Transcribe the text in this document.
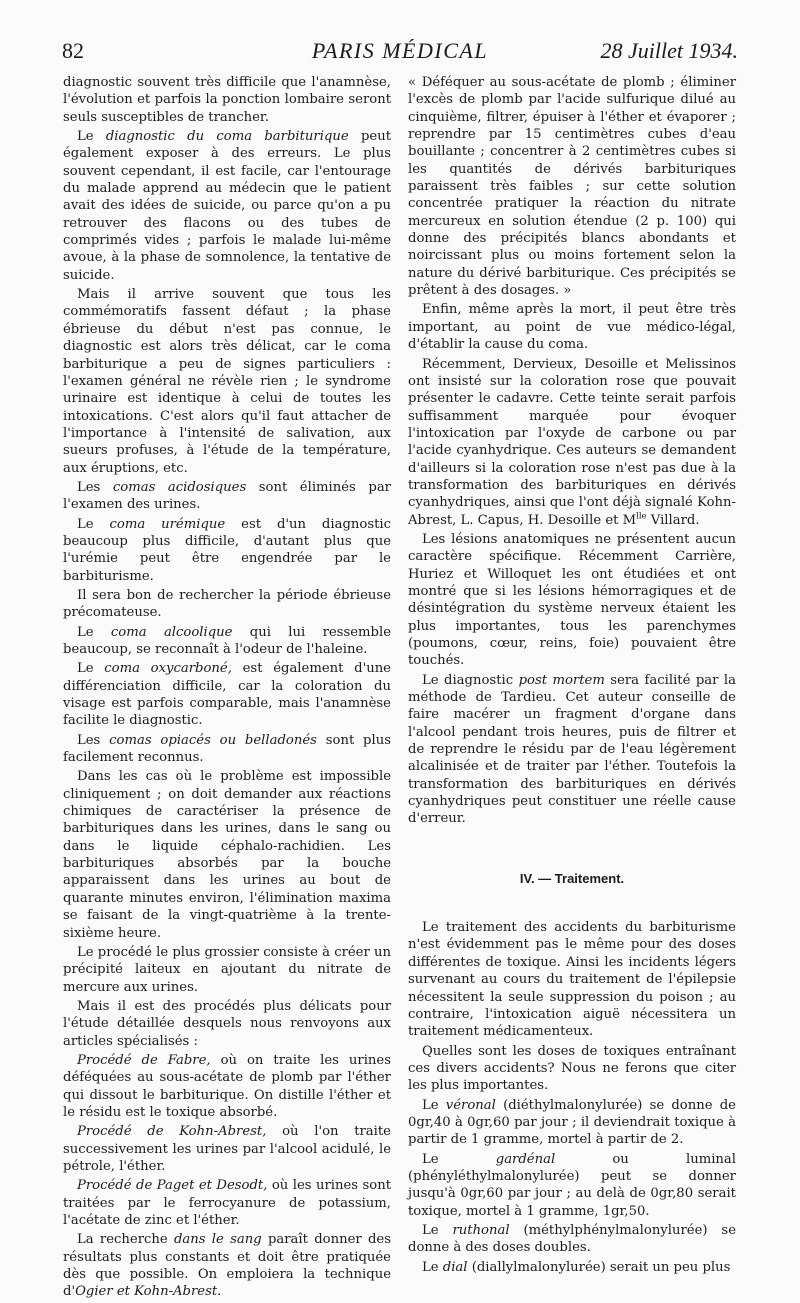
82	PARIS MÉDICAL	28 Juillet 1934.

diagnostic souvent très difficile que l'anamnèse, l'évolution et parfois la ponction lombaire seront seuls susceptibles de trancher.

Le diagnostic du coma barbiturique peut également exposer à des erreurs. Le plus souvent cependant, il est facile, car l'entourage du malade apprend au médecin que le patient avait des idées de suicide, ou parce qu'on a pu retrouver des flacons ou des tubes de comprimés vides ; parfois le malade lui-même avoue, à la phase de somnolence, la tentative de suicide.

Mais il arrive souvent que tous les commémoratifs fassent défaut ; la phase ébrieuse du début n'est pas connue, le diagnostic est alors très délicat, car le coma barbiturique a peu de signes particuliers : l'examen général ne révèle rien ; le syndrome urinaire est identique à celui de toutes les intoxications. C'est alors qu'il faut attacher de l'importance à l'intensité de salivation, aux sueurs profuses, à l'étude de la température, aux éruptions, etc.

Les comas acidosiques sont éliminés par l'examen des urines.

Le coma urémique est d'un diagnostic beaucoup plus difficile, d'autant plus que l'urémie peut être engendrée par le barbiturisme.

Il sera bon de rechercher la période ébrieuse précomateuse.

Le coma alcoolique qui lui ressemble beaucoup, se reconnaît à l'odeur de l'haleine.

Le coma oxycarboné, est également d'une différenciation difficile, car la coloration du visage est parfois comparable, mais l'anamnèse facilite le diagnostic.

Les comas opiacés ou belladonés sont plus facilement reconnus.

Dans les cas où le problème est impossible cliniquement ; on doit demander aux réactions chimiques de caractériser la présence de barbituriques dans les urines, dans le sang ou dans le liquide céphalo-rachidien. Les barbituriques absorbés par la bouche apparaissent dans les urines au bout de quarante minutes environ, l'élimination maxima se faisant de la vingt-quatrième à la trente-sixième heure.

Le procédé le plus grossier consiste à créer un précipité laiteux en ajoutant du nitrate de mercure aux urines.

Mais il est des procédés plus délicats pour l'étude détaillée desquels nous renvoyons aux articles spécialisés :

Procédé de Fabre, où on traite les urines déféquées au sous-acétate de plomb par l'éther qui dissout le barbiturique. On distille l'éther et le résidu est le toxique absorbé.

Procédé de Kohn-Abrest, où l'on traite successivement les urines par l'alcool acidulé, le pétrole, l'éther.

Procédé de Paget et Desodt, où les urines sont traitées par le ferrocyanure de potassium, l'acétate de zinc et l'éther.

La recherche dans le sang paraît donner des résultats plus constants et doit être pratiquée dès que possible. On emploiera la technique d'Ogier et Kohn-Abrest.

« Déféquer au sous-acétate de plomb ; éliminer l'excès de plomb par l'acide sulfurique dilué au cinquième, filtrer, épuiser à l'éther et évaporer ; reprendre par 15 centimètres cubes d'eau bouillante ; concentrer à 2 centimètres cubes si les quantités de dérivés barbituriques paraissent très faibles ; sur cette solution concentrée pratiquer la réaction du nitrate mercureux en solution étendue (2 p. 100) qui donne des précipités blancs abondants et noircissant plus ou moins fortement selon la nature du dérivé barbiturique. Ces précipités se prêtent à des dosages. »

Enfin, même après la mort, il peut être très important, au point de vue médico-légal, d'établir la cause du coma.

Récemment, Dervieux, Desoille et Melissinos ont insisté sur la coloration rose que pouvait présenter le cadavre. Cette teinte serait parfois suffisamment marquée pour évoquer l'intoxication par l'oxyde de carbone ou par l'acide cyanhydrique. Ces auteurs se demandent d'ailleurs si la coloration rose n'est pas due à la transformation des barbituriques en dérivés cyanhydriques, ainsi que l'ont déjà signalé Kohn-Abrest, L. Capus, H. Desoille et $M^{lle}$ Villard.

Les lésions anatomiques ne présentent aucun caractère spécifique. Récemment Carrière, Huriez et Willoquet les ont étudiées et ont montré que si les lésions hémorragiques et de désintégration du système nerveux étaient les plus importantes, tous les parenchymes (poumons, cœur, reins, foie) pouvaient être touchés.

Le diagnostic post mortem sera facilité par la méthode de Tardieu. Cet auteur conseille de faire macérer un fragment d'organe dans l'alcool pendant trois heures, puis de filtrer et de reprendre le résidu par de l'eau légèrement alcalinisée et de traiter par l'éther. Toutefois la transformation des barbituriques en dérivés cyanhydriques peut constituer une réelle cause d'erreur.

IV. — Traitement.

Le traitement des accidents du barbiturisme n'est évidemment pas le même pour des doses différentes de toxique. Ainsi les incidents légers survenant au cours du traitement de l'épilepsie nécessitent la seule suppression du poison ; au contraire, l'intoxication aiguë nécessitera un traitement médicamenteux.

Quelles sont les doses de toxiques entraînant ces divers accidents? Nous ne ferons que citer les plus importantes.

Le véronal (diéthylmalonylurée) se donne de 0gr,40 à 0gr,60 par jour ; il deviendrait toxique à partir de 1 gramme, mortel à partir de 2.

Le gardénal ou luminal (phényléthylmalonylurée) peut se donner jusqu'à 0gr,60 par jour ; au delà de 0gr,80 serait toxique, mortel à 1 gramme, 1gr,50.

Le ruthonal (méthylphénylmalonylurée) se donne à des doses doubles.

Le dial (diallylmalonylurée) serait un peu plus
